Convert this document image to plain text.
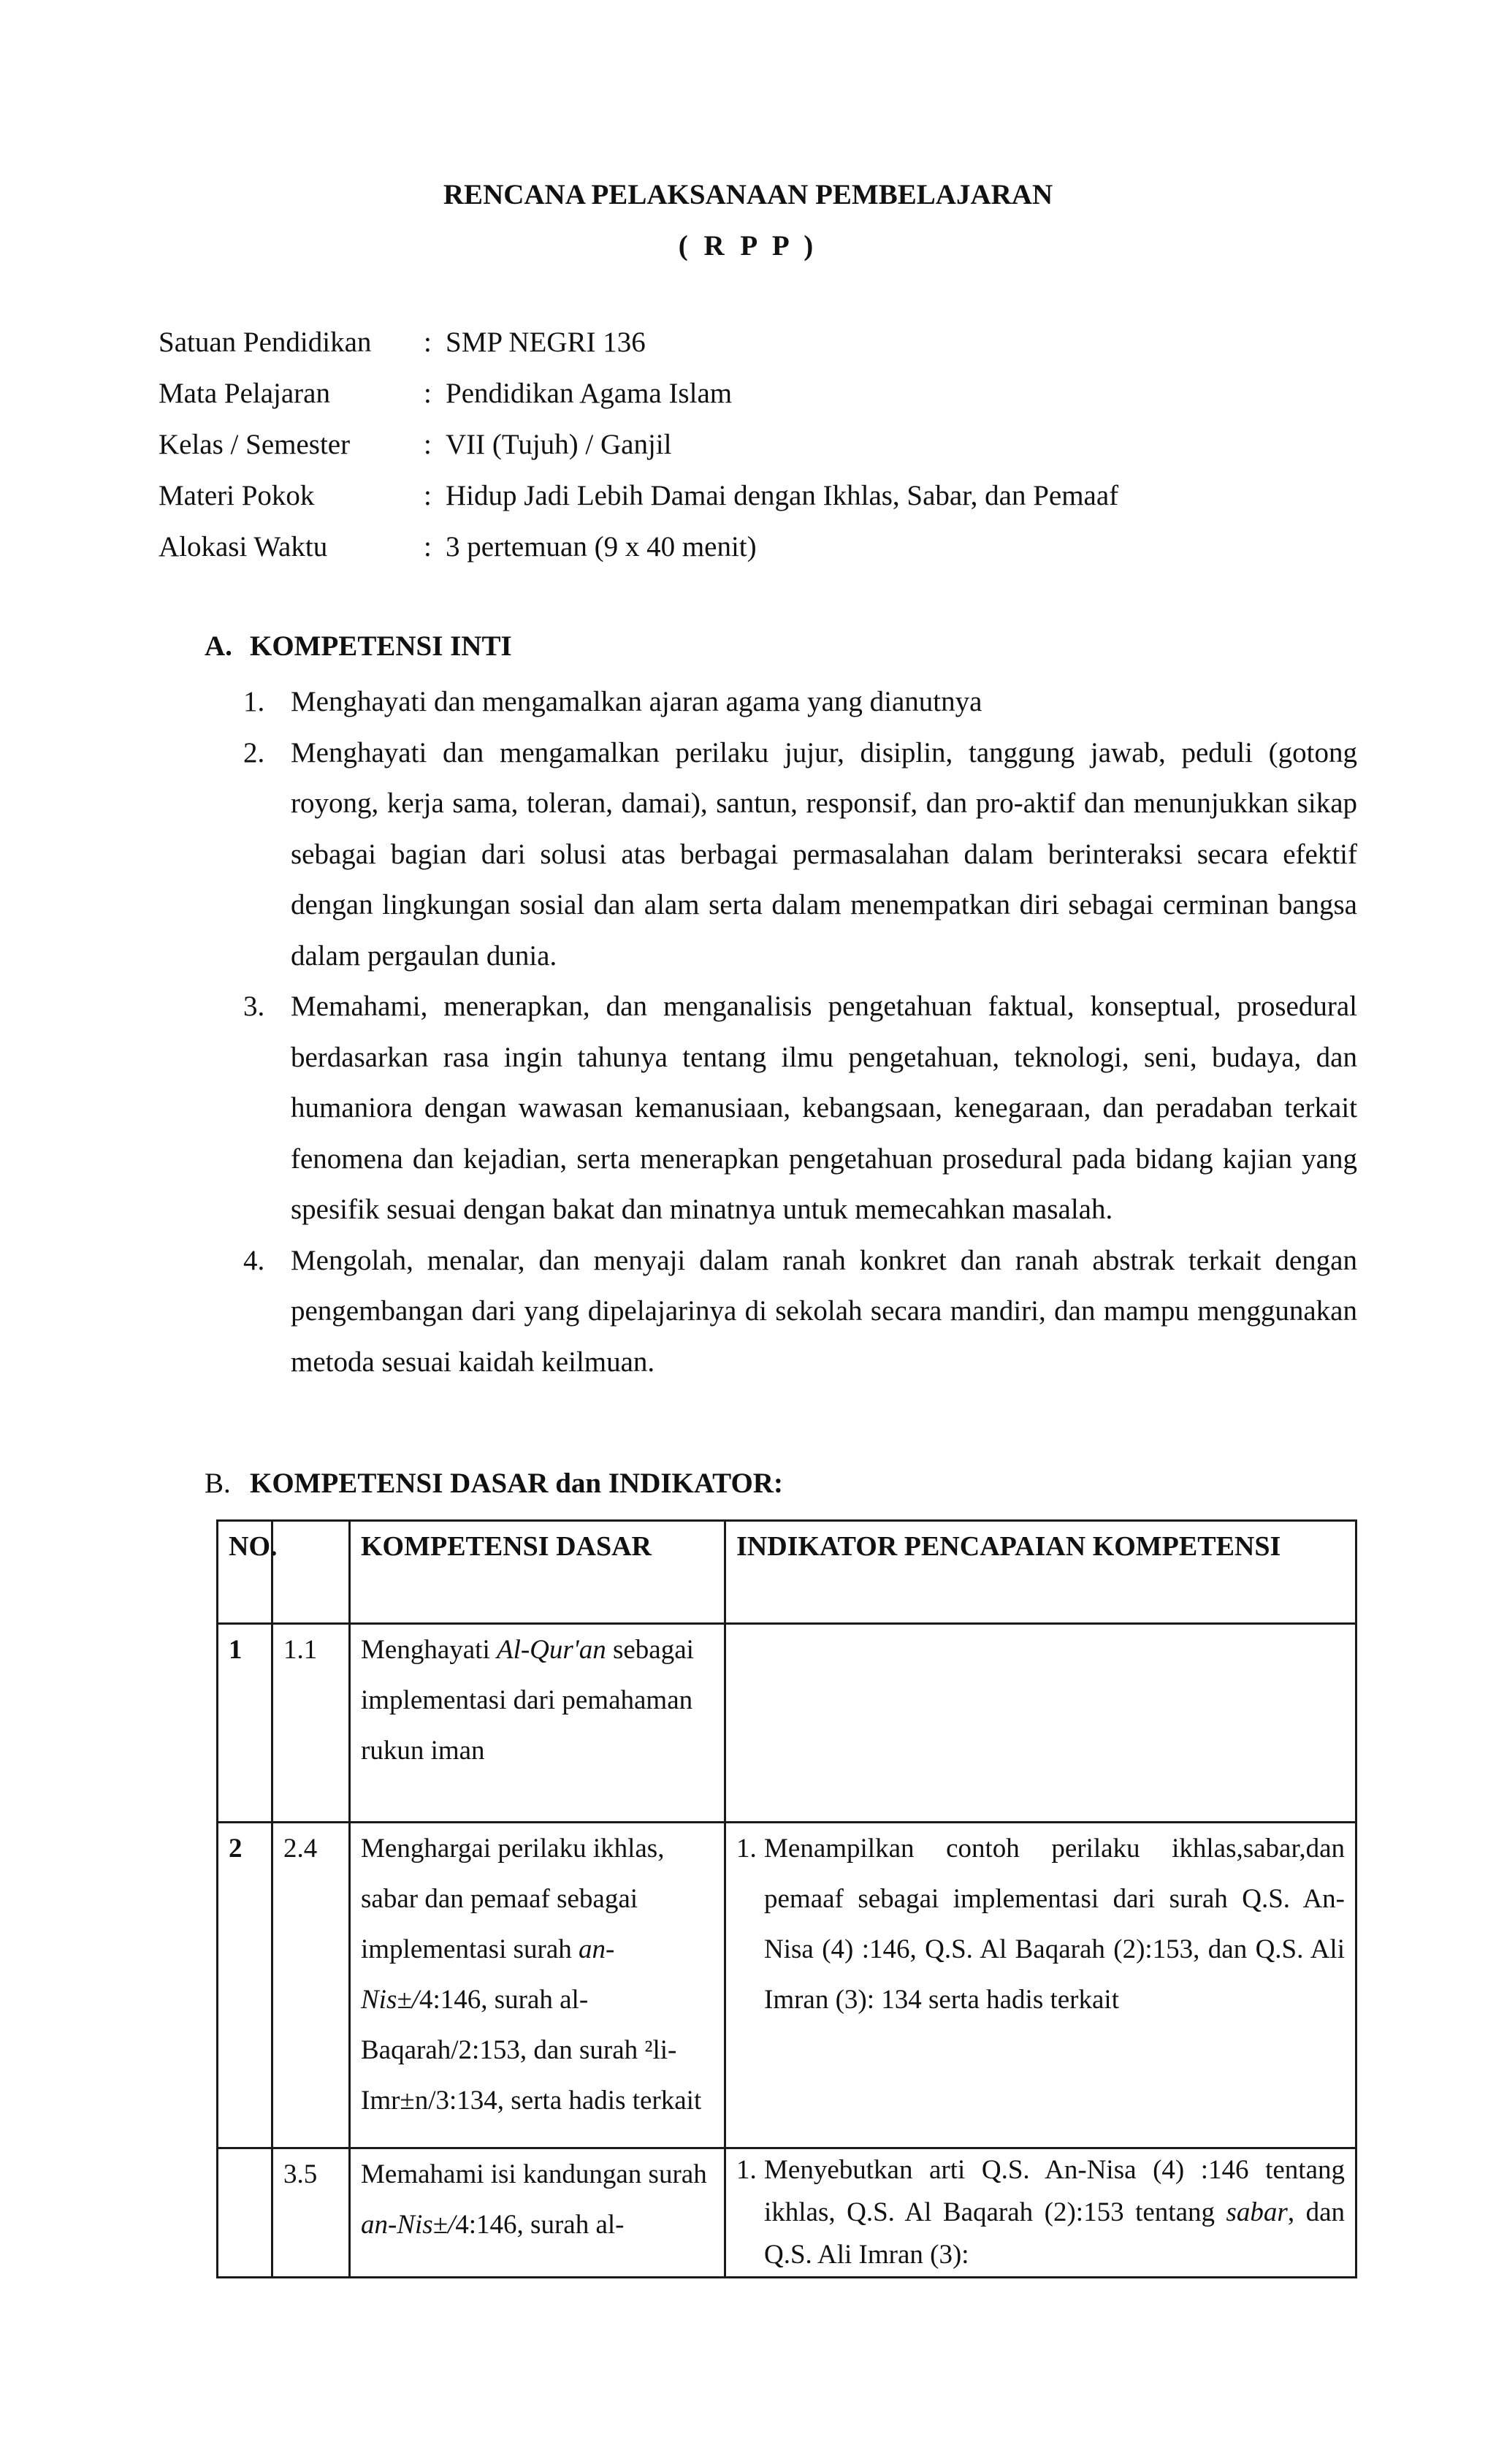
RENCANA PELAKSANAAN PEMBELAJARAN
( R P P )
Satuan Pendidikan : SMP NEGRI 136
Mata Pelajaran	: Pendidikan Agama Islam
Kelas / Semester	: VII (Tujuh) / Ganjil
Materi Pokok	: Hidup Jadi Lebih Damai dengan Ikhlas, Sabar, dan Pemaaf
Alokasi Waktu	: 3 pertemuan (9 x 40 menit)
A. KOMPETENSI INTI
1. Menghayati dan mengamalkan ajaran agama yang dianutnya
2. Menghayati dan mengamalkan perilaku jujur, disiplin, tanggung jawab, peduli (gotong royong, kerja sama, toleran, damai), santun, responsif, dan pro-aktif dan menunjukkan sikap sebagai bagian dari solusi atas berbagai permasalahan dalam berinteraksi secara efektif dengan lingkungan sosial dan alam serta dalam menempatkan diri sebagai cerminan bangsa dalam pergaulan dunia.
3. Memahami, menerapkan, dan menganalisis pengetahuan faktual, konseptual, prosedural berdasarkan rasa ingin tahunya tentang ilmu pengetahuan, teknologi, seni, budaya, dan humaniora dengan wawasan kemanusiaan, kebangsaan, kenegaraan, dan peradaban terkait fenomena dan kejadian, serta menerapkan pengetahuan prosedural pada bidang kajian yang spesifik sesuai dengan bakat dan minatnya untuk memecahkan masalah.
4. Mengolah, menalar, dan menyaji dalam ranah konkret dan ranah abstrak terkait dengan pengembangan dari yang dipelajarinya di sekolah secara mandiri, dan mampu menggunakan metoda sesuai kaidah keilmuan.
B. KOMPETENSI DASAR dan INDIKATOR:
NO.		KOMPETENSI DASAR	INDIKATOR PENCAPAIAN KOMPETENSI
1	1.1	Menghayati Al-Qur'an sebagai implementasi dari pemahaman rukun iman	
2	2.4	Menghargai perilaku ikhlas, sabar dan pemaaf sebagai implementasi surah an-Nis±/4:146, surah al-Baqarah/2:153, dan surah ²li-Imr±n/3:134, serta hadis terkait	1. Menampilkan contoh perilaku ikhlas,sabar,dan pemaaf sebagai implementasi dari surah Q.S. An-Nisa (4) :146, Q.S. Al Baqarah (2):153, dan Q.S. Ali Imran (3): 134 serta hadis terkait

	3.5	Memahami isi kandungan surah an-Nis±/4:146, surah al-	1. Menyebutkan arti Q.S. An-Nisa (4) :146 tentang ikhlas, Q.S. Al Baqarah (2):153 tentang sabar, dan Q.S. Ali Imran (3):
